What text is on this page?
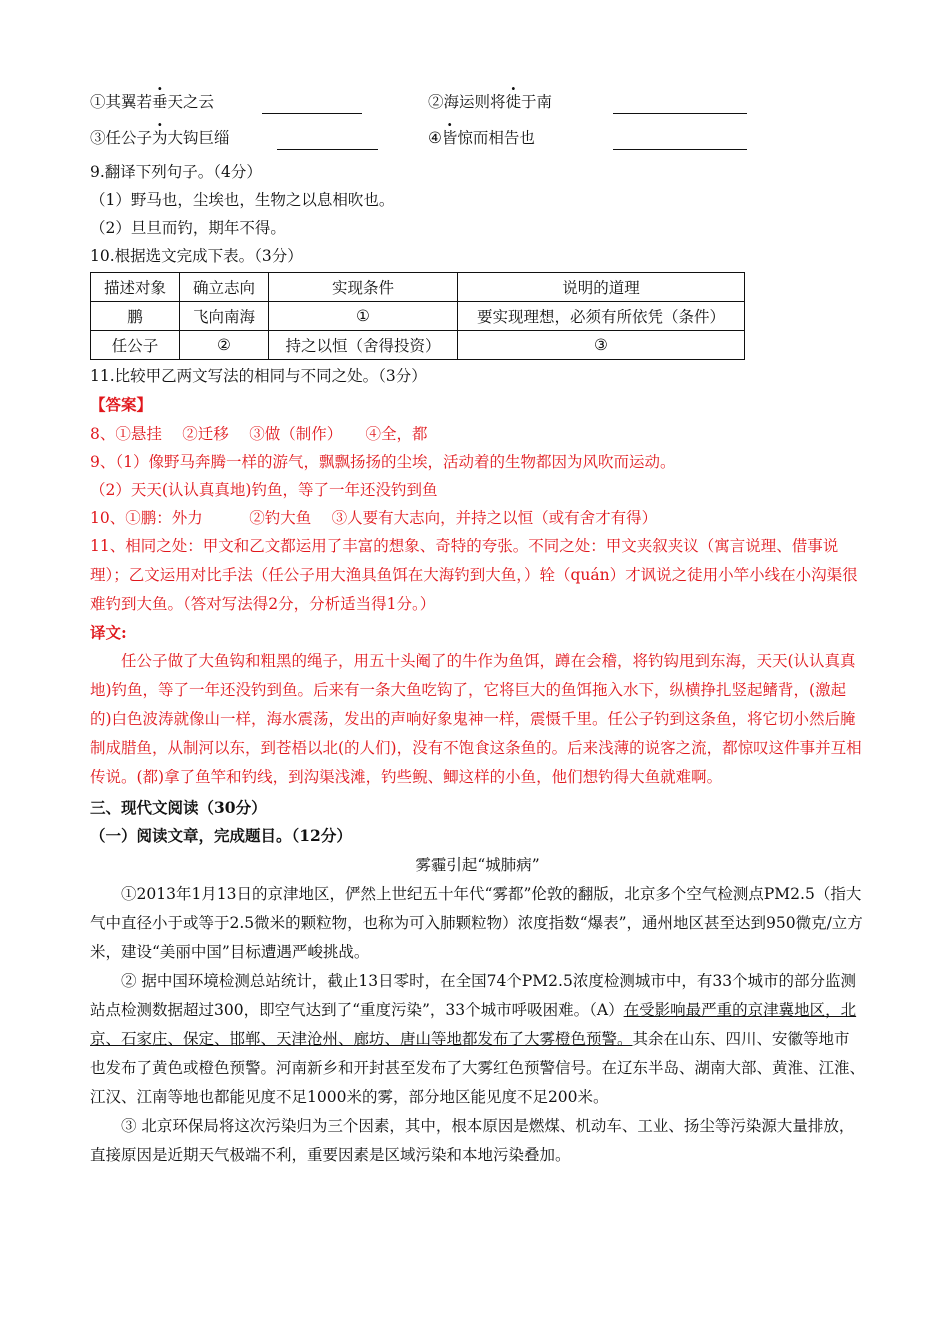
①其翼若垂天之云	②海运则将徙于南
③任公子为大钩巨缁	④皆惊而相告也
9.翻译下列句子。（4分）
（1）野马也，尘埃也，生物之以息相吹也。
（2）旦旦而钓，期年不得。
10.根据选文完成下表。（3分）
描述对象	确立志向	实现条件	说明的道理
鹏	飞向南海	①	要实现理想，必须有所依凭（条件）
任公子	②	持之以恒（舍得投资）	③
11.比较甲乙两文写法的相同与不同之处。（3分）
【答案】
8、①悬挂　 ②迁移　 ③做（制作）　　④全，都
9、（1）像野马奔腾一样的游气，飘飘扬扬的尘埃，活动着的生物都因为风吹而运动。
（2）天天(认认真真地)钓鱼，等了一年还没钓到鱼
10、①鹏：外力　　　②钓大鱼　 ③人要有大志向，并持之以恒（或有舍才有得）
11、相同之处：甲文和乙文都运用了丰富的想象、奇特的夸张。不同之处：甲文夹叙夹议（寓言说理、借事说理）；乙文运用对比手法（任公子用大渔具鱼饵在大海钓到大鱼，）辁（quán）才讽说之徒用小竿小线在小沟渠很难钓到大鱼。（答对写法得2分，分析适当得1分。）
译文:
任公子做了大鱼钩和粗黑的绳子，用五十头阉了的牛作为鱼饵，蹲在会稽，将钓钩甩到东海，天天(认认真真地)钓鱼，等了一年还没钓到鱼。后来有一条大鱼吃钩了，它将巨大的鱼饵拖入水下，纵横挣扎竖起鳍背，(激起的)白色波涛就像山一样，海水震荡，发出的声响好象鬼神一样，震慑千里。任公子钓到这条鱼，将它切小然后腌制成腊鱼，从制河以东，到苍梧以北(的人们)，没有不饱食这条鱼的。后来浅薄的说客之流，都惊叹这件事并互相传说。(都)拿了鱼竿和钓线，到沟渠浅滩，钓些鲵、鲫这样的小鱼，他们想钓得大鱼就难啊。
三、现代文阅读（30分）
（一）阅读文章，完成题目。（12分）
雾霾引起“城肺病”
①2013年1月13日的京津地区，俨然上世纪五十年代“雾都”伦敦的翻版，北京多个空气检测点PM2.5（指大气中直径小于或等于2.5微米的颗粒物，也称为可入肺颗粒物）浓度指数“爆表”，通州地区甚至达到950微克/立方米，建设“美丽中国”目标遭遇严峻挑战。
② 据中国环境检测总站统计，截止13日零时，在全国74个PM2.5浓度检测城市中，有33个城市的部分监测站点检测数据超过300，即空气达到了“重度污染”，33个城市呼吸困难。（A）在受影响最严重的京津冀地区，北京、石家庄、保定、邯郸、天津沧州、廊坊、唐山等地都发布了大雾橙色预警。其余在山东、四川、安徽等地市也发布了黄色或橙色预警。河南新乡和开封甚至发布了大雾红色预警信号。在辽东半岛、湖南大部、黄淮、江淮、江汉、江南等地也都能见度不足1000米的雾，部分地区能见度不足200米。
③ 北京环保局将这次污染归为三个因素，其中，根本原因是燃煤、机动车、工业、扬尘等污染源大量排放，直接原因是近期天气极端不利，重要因素是区域污染和本地污染叠加。
